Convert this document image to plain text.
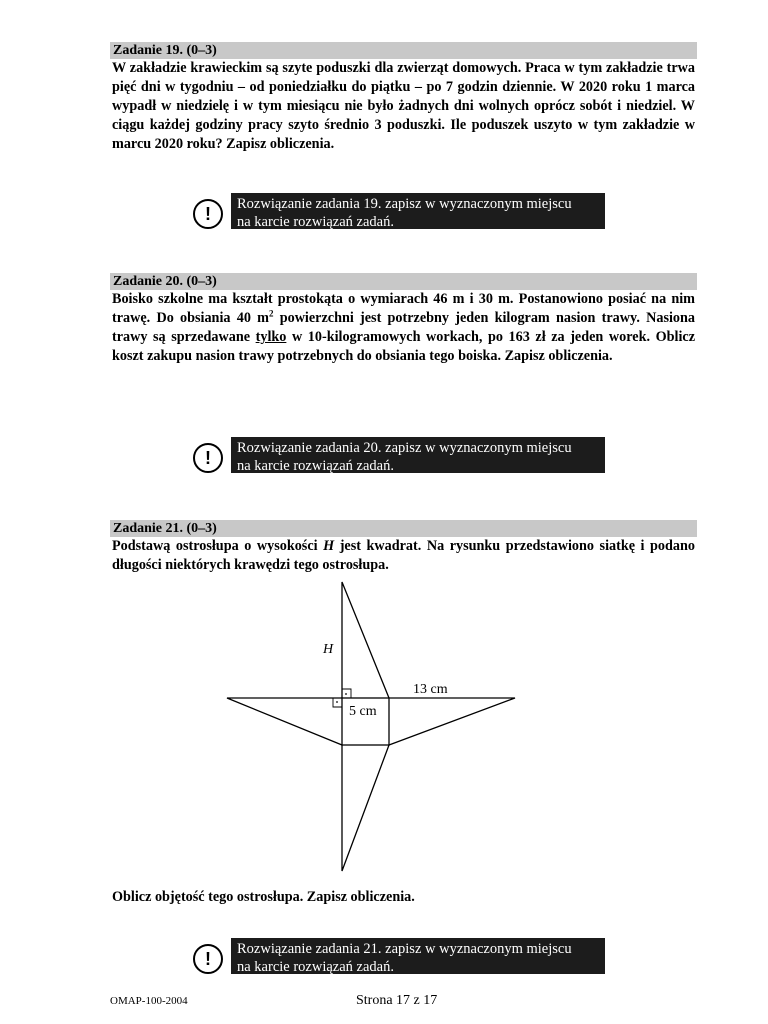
Zadanie 19. (0–3)

W zakładzie krawieckim są szyte poduszki dla zwierząt domowych. Praca w tym zakładzie trwa pięć dni w tygodniu – od poniedziałku do piątku – po 7 godzin dziennie. W 2020 roku 1 marca wypadł w niedzielę i w tym miesiącu nie było żadnych dni wolnych oprócz sobót i niedziel. W ciągu każdej godziny pracy szyto średnio 3 poduszki. Ile poduszek uszyto w tym zakładzie w marcu 2020 roku? Zapisz obliczenia.

!	Rozwiązanie zadania 19. zapisz w wyznaczonym miejscu
na karcie rozwiązań zadań.
Zadanie 20. (0–3)

Boisko szkolne ma kształt prostokąta o wymiarach 46 m i 30 m. Postanowiono posiać na nim trawę. Do obsiania 40 $m^2$ powierzchni jest potrzebny jeden kilogram nasion trawy. Nasiona trawy są sprzedawane tylko w 10-kilogramowych workach, po 163 zł za jeden worek. Oblicz koszt zakupu nasion trawy potrzebnych do obsiania tego boiska. Zapisz obliczenia.

!	Rozwiązanie zadania 20. zapisz w wyznaczonym miejscu
na karcie rozwiązań zadań.
Zadanie 21. (0–3)

Podstawą ostrosłupa o wysokości H jest kwadrat. Na rysunku przedstawiono siatkę i podano długości niektórych krawędzi tego ostrosłupa.

H
5 cm
13 cm

Oblicz objętość tego ostrosłupa. Zapisz obliczenia.

!	Rozwiązanie zadania 21. zapisz w wyznaczonym miejscu
na karcie rozwiązań zadań.
OMAP-100-2004	Strona 17 z 17
